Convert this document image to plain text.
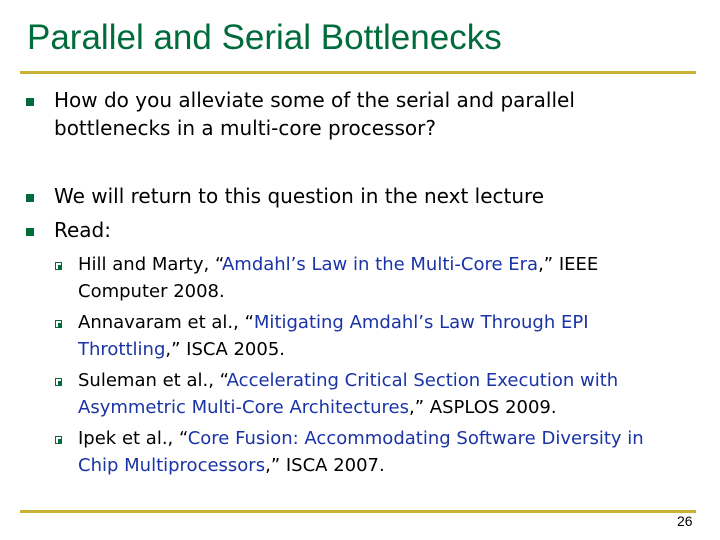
Parallel and Serial Bottlenecks
How do you alleviate some of the serial and parallel
bottlenecks in a multi-core processor?
We will return to this question in the next lecture
Read:
Hill and Marty, “Amdahl’s Law in the Multi-Core Era,” IEEE
Computer 2008.
Annavaram et al., “Mitigating Amdahl’s Law Through EPI
Throttling,” ISCA 2005.
Suleman et al., “Accelerating Critical Section Execution with
Asymmetric Multi-Core Architectures,” ASPLOS 2009.
Ipek et al., “Core Fusion: Accommodating Software Diversity in
Chip Multiprocessors,” ISCA 2007.
26
